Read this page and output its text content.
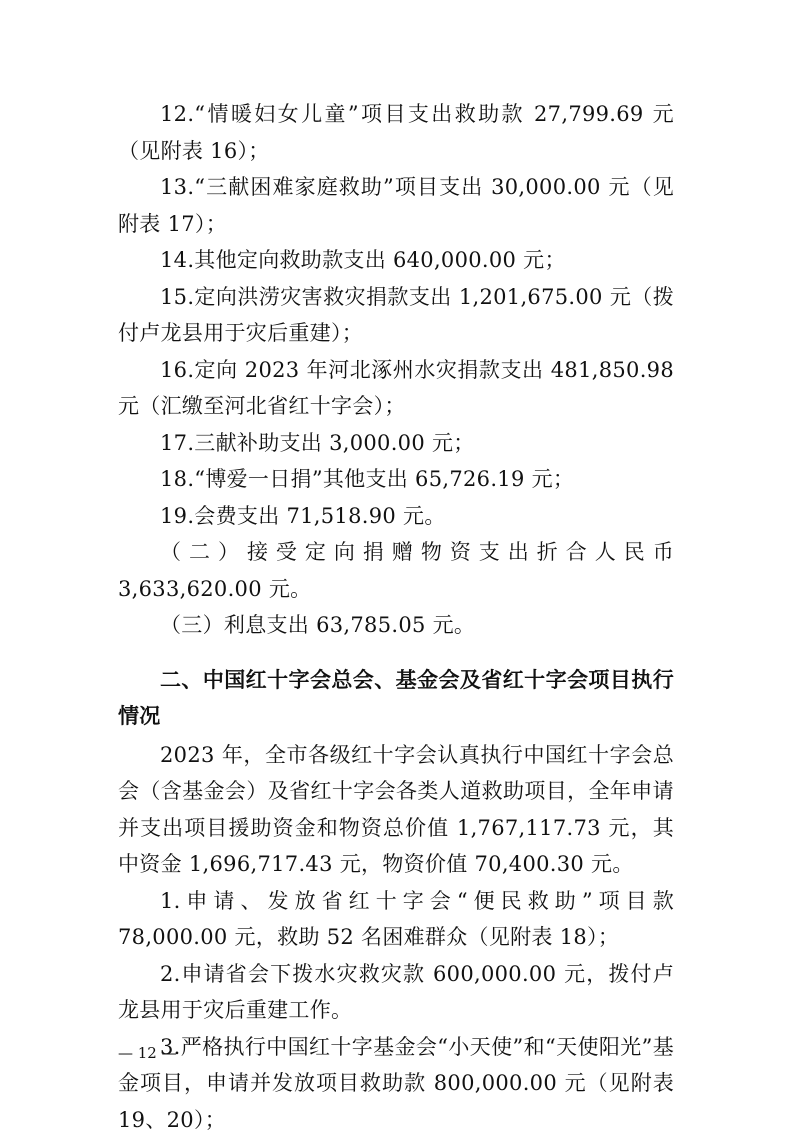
12.“情暖妇女儿童”项目支出救助款 27,799.69 元（见附表 16）；

13.“三献困难家庭救助”项目支出 30,000.00 元（见附表 17）；

14.其他定向救助款支出 640,000.00 元；

15.定向洪涝灾害救灾捐款支出 1,201,675.00 元（拨付卢龙县用于灾后重建）；

16.定向 2023 年河北涿州水灾捐款支出 481,850.98 元（汇缴至河北省红十字会）；

17.三献补助支出 3,000.00 元；

18.“博爱一日捐”其他支出 65,726.19 元；

19.会费支出 71,518.90 元。

（二）接受定向捐赠物资支出折合人民币 3,633,620.00 元。

（三）利息支出 63,785.05 元。

二、中国红十字会总会、基金会及省红十字会项目执行情况

2023 年，全市各级红十字会认真执行中国红十字会总会（含基金会）及省红十字会各类人道救助项目，全年申请并支出项目援助资金和物资总价值 1,767,117.73 元，其中资金 1,696,717.43 元，物资价值 70,400.30 元。

1.申请、发放省红十字会“便民救助”项目款 78,000.00 元，救助 52 名困难群众（见附表 18）；

2.申请省会下拨水灾救灾款 600,000.00 元，拨付卢龙县用于灾后重建工作。

3.严格执行中国红十字基金会“小天使”和“天使阳光”基金项目，申请并发放项目救助款 800,000.00 元（见附表 19、20）；

— 12 —
